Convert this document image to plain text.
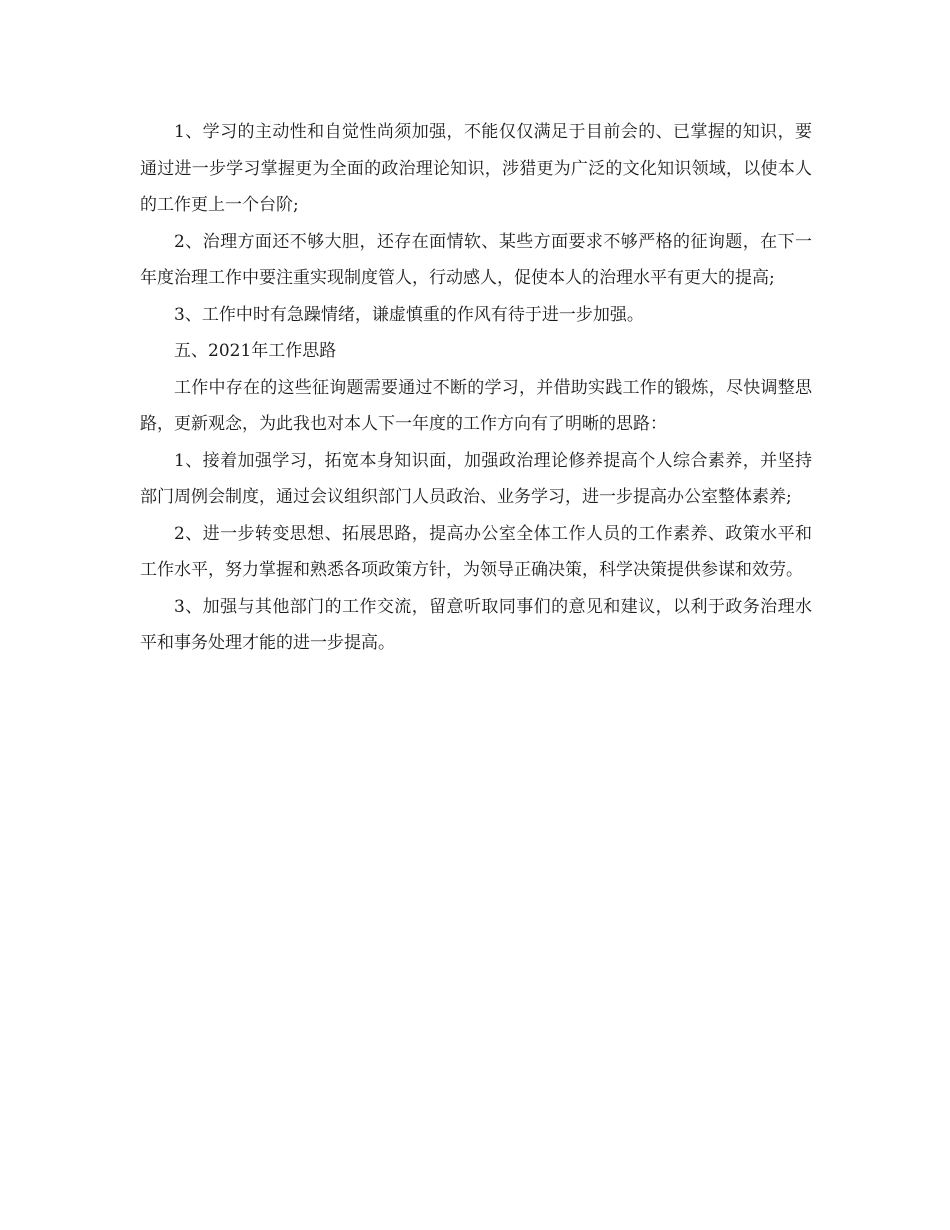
1、学习的主动性和自觉性尚须加强，不能仅仅满足于目前会的、已掌握的知识，要通过进一步学习掌握更为全面的政治理论知识，涉猎更为广泛的文化知识领域，以使本人的工作更上一个台阶;

2、治理方面还不够大胆，还存在面情软、某些方面要求不够严格的征询题，在下一年度治理工作中要注重实现制度管人，行动感人，促使本人的治理水平有更大的提高;

3、工作中时有急躁情绪，谦虚慎重的作风有待于进一步加强。

五、2021年工作思路

工作中存在的这些征询题需要通过不断的学习，并借助实践工作的锻炼，尽快调整思路，更新观念，为此我也对本人下一年度的工作方向有了明晰的思路：

1、接着加强学习，拓宽本身知识面，加强政治理论修养提高个人综合素养，并坚持部门周例会制度，通过会议组织部门人员政治、业务学习，进一步提高办公室整体素养;

2、进一步转变思想、拓展思路，提高办公室全体工作人员的工作素养、政策水平和工作水平，努力掌握和熟悉各项政策方针，为领导正确决策，科学决策提供参谋和效劳。

3、加强与其他部门的工作交流，留意听取同事们的意见和建议，以利于政务治理水平和事务处理才能的进一步提高。
